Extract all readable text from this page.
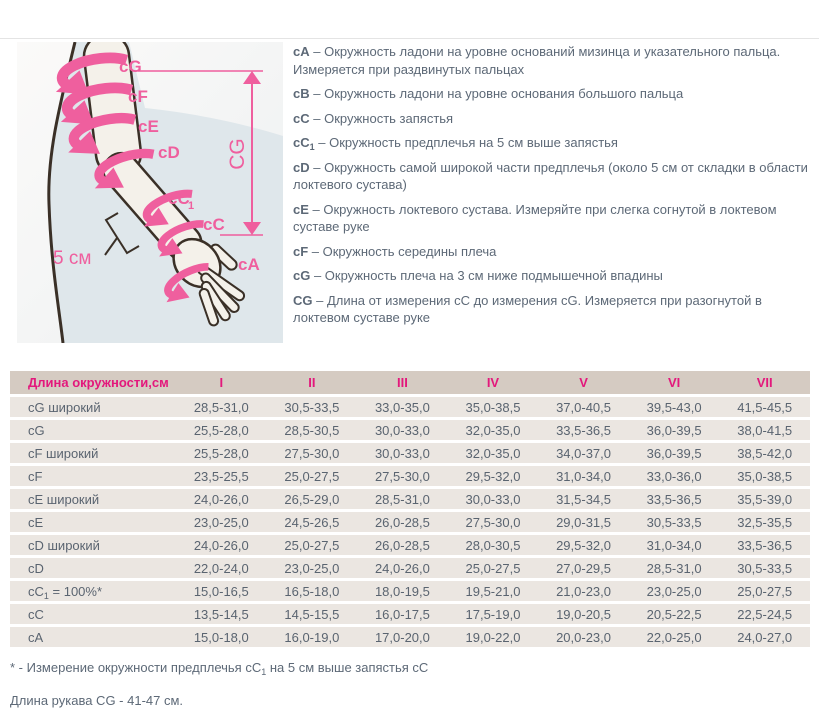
CG
5 см
cG
cF
cE
cD
cC
1
cC
cA

cA – Окружность ладони на уровне оснований мизинца и указательного пальца. Измеряется при раздвинутых пальцах

cB – Окружность ладони на уровне основания большого пальца

cC – Окружность запястья

$cC_1$ – Окружность предплечья на 5 см выше запястья

cD – Окружность самой широкой части предплечья (около 5 см от складки в области локтевого сустава)

cE – Окружность локтевого сустава. Измеряйте при слегка согнутой в локтевом суставе руке

cF – Окружность середины плеча

cG – Окружность плеча на 3 см ниже подмышечной впадины

CG – Длина от измерения cC до измерения cG. Измеряется при разогнутой в локтевом суставе руке

Длина окружности,см	I	II	III	IV	V	VI	VII
cG широкий	28,5-31,0	30,5-33,5	33,0-35,0	35,0-38,5	37,0-40,5	39,5-43,0	41,5-45,5
cG	25,5-28,0	28,5-30,5	30,0-33,0	32,0-35,0	33,5-36,5	36,0-39,5	38,0-41,5
cF широкий	25,5-28,0	27,5-30,0	30,0-33,0	32,0-35,0	34,0-37,0	36,0-39,5	38,5-42,0
cF	23,5-25,5	25,0-27,5	27,5-30,0	29,5-32,0	31,0-34,0	33,0-36,0	35,0-38,5
cE широкий	24,0-26,0	26,5-29,0	28,5-31,0	30,0-33,0	31,5-34,5	33,5-36,5	35,5-39,0
cE	23,0-25,0	24,5-26,5	26,0-28,5	27,5-30,0	29,0-31,5	30,5-33,5	32,5-35,5
cD широкий	24,0-26,0	25,0-27,5	26,0-28,5	28,0-30,5	29,5-32,0	31,0-34,0	33,5-36,5
cD	22,0-24,0	23,0-25,0	24,0-26,0	25,0-27,5	27,0-29,5	28,5-31,0	30,5-33,5
$cC_1 = 100\%*$	15,0-16,5	16,5-18,0	18,0-19,5	19,5-21,0	21,0-23,0	23,0-25,0	25,0-27,5
cC	13,5-14,5	14,5-15,5	16,0-17,5	17,5-19,0	19,0-20,5	20,5-22,5	22,5-24,5
cA	15,0-18,0	16,0-19,0	17,0-20,0	19,0-22,0	20,0-23,0	22,0-25,0	24,0-27,0

* - Измерение окружности предплечья $cC_1$ на 5 см выше запястья cC

Длина рукава CG - 41-47 см.
